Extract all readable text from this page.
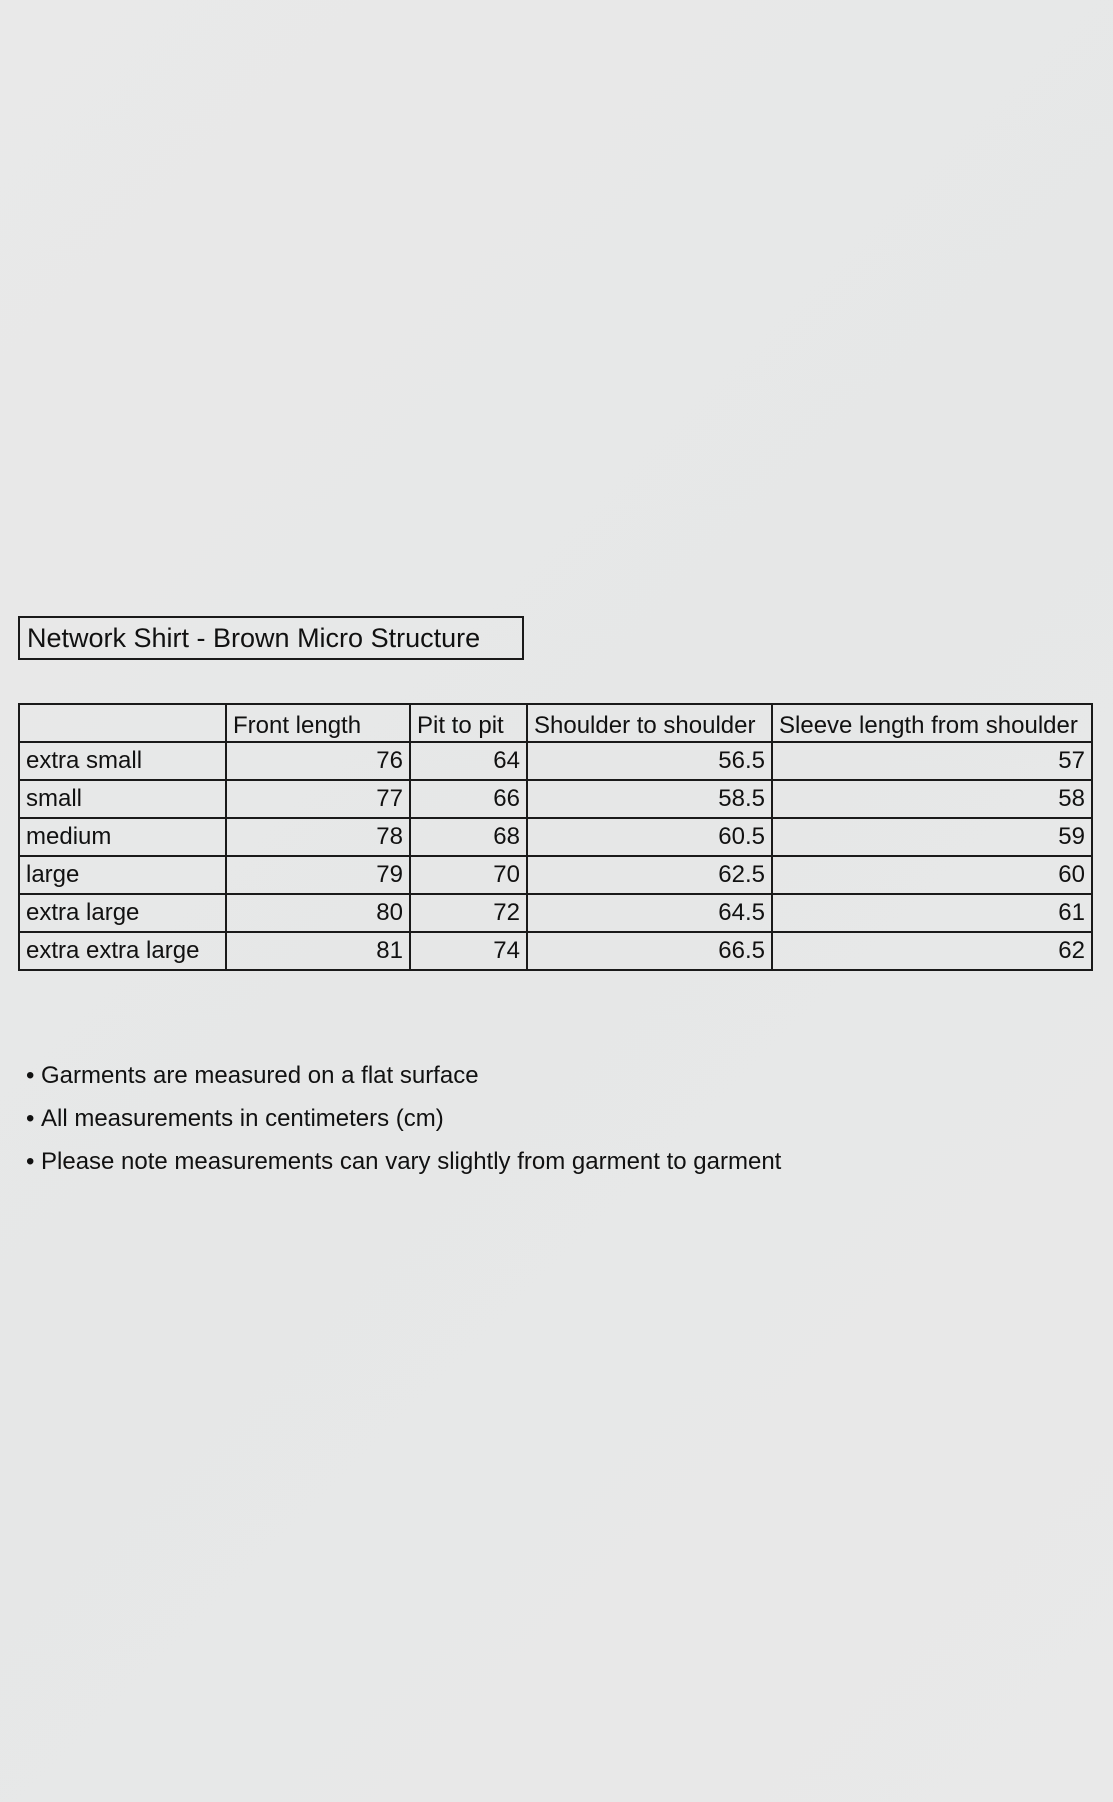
Network Shirt - Brown Micro Structure
	Front length	Pit to pit	Shoulder to shoulder	Sleeve length from shoulder
extra small	76	64	56.5	57
small	77	66	58.5	58
medium	78	68	60.5	59
large	79	70	62.5	60
extra large	80	72	64.5	61
extra extra large	81	74	66.5	62
• Garments are measured on a flat surface
• All measurements in centimeters (cm)
• Please note measurements can vary slightly from garment to garment
